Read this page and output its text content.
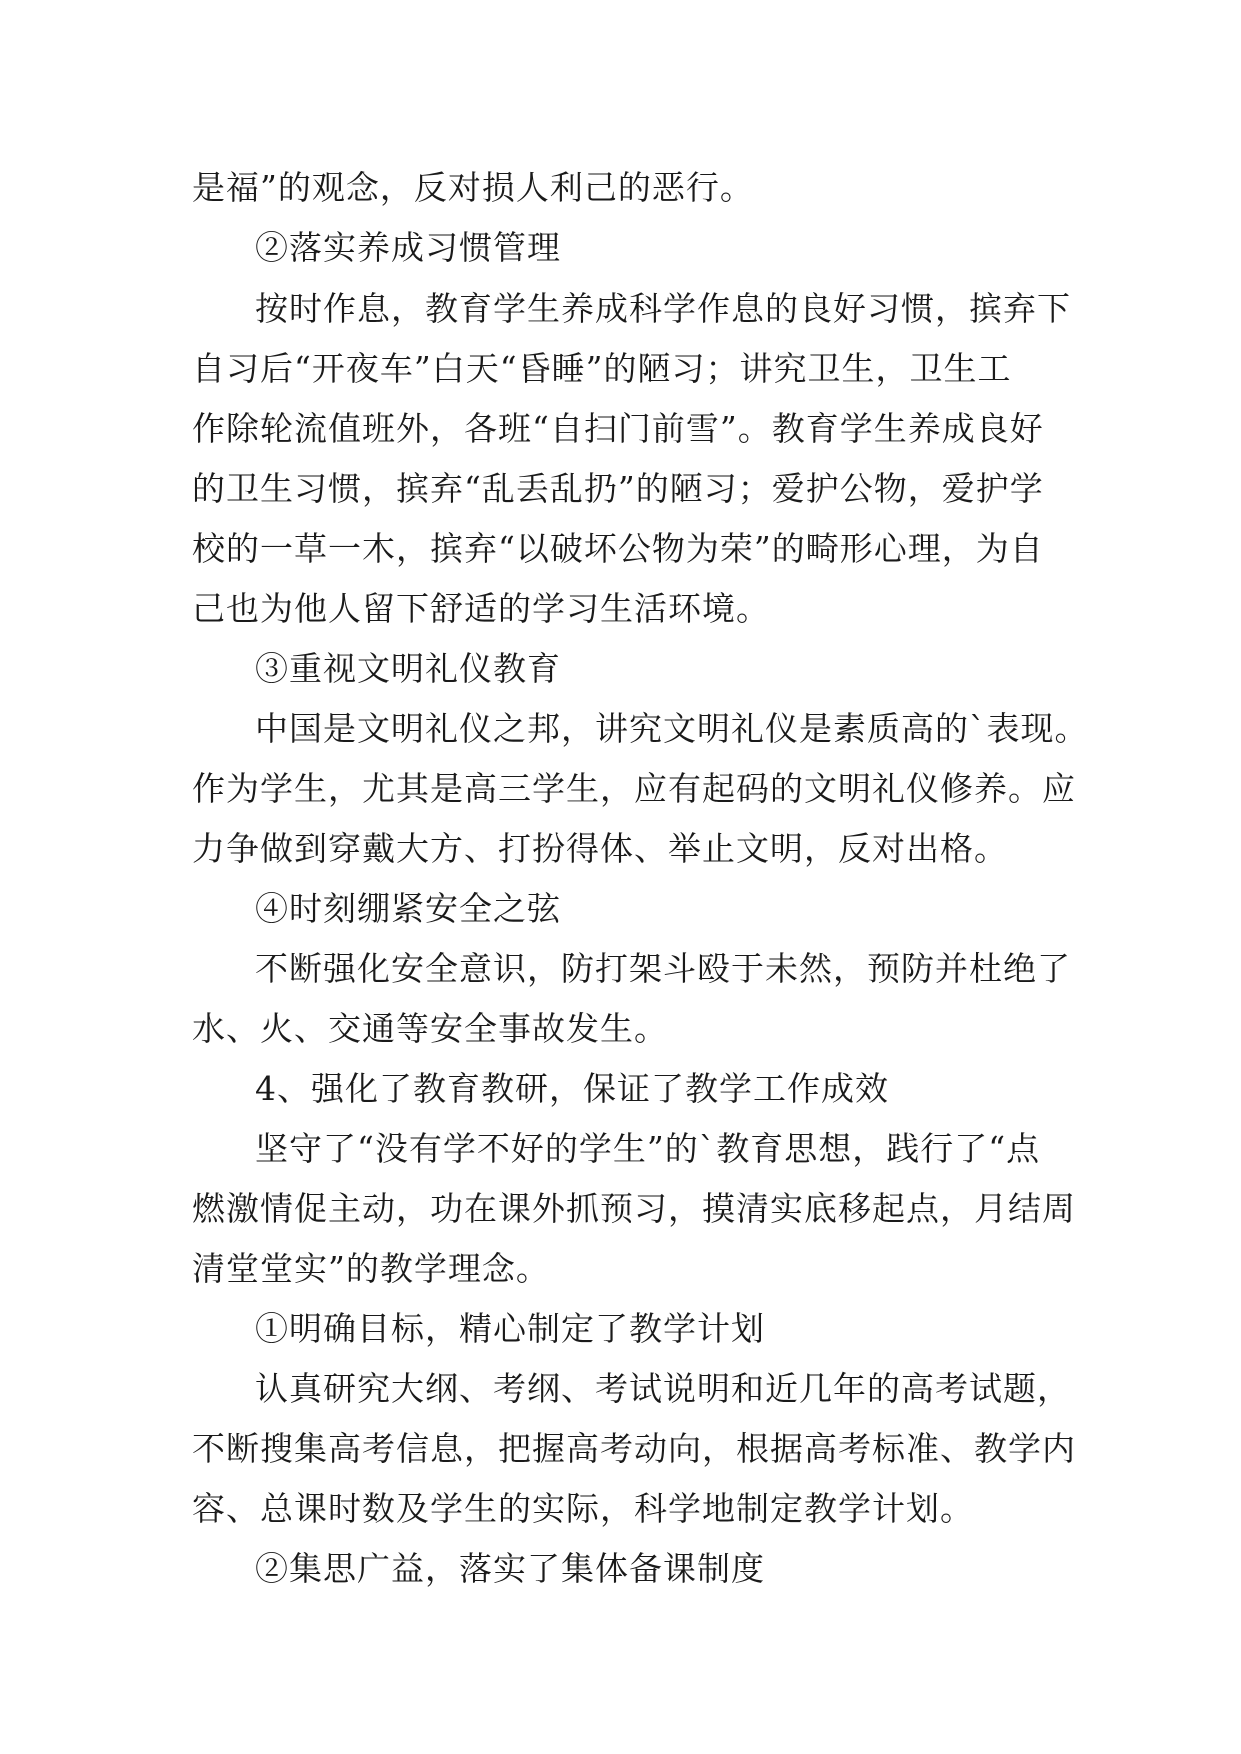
是福”的观念，反对损人利己的恶行。
②落实养成习惯管理
按时作息，教育学生养成科学作息的良好习惯，摈弃下
自习后“开夜车”白天“昏睡”的陋习；讲究卫生，卫生工
作除轮流值班外，各班“自扫门前雪”。教育学生养成良好
的卫生习惯，摈弃“乱丢乱扔”的陋习；爱护公物，爱护学
校的一草一木，摈弃“以破坏公物为荣”的畸形心理，为自
己也为他人留下舒适的学习生活环境。
③重视文明礼仪教育
中国是文明礼仪之邦，讲究文明礼仪是素质高的`表现。
作为学生，尤其是高三学生，应有起码的文明礼仪修养。应
力争做到穿戴大方、打扮得体、举止文明，反对出格。
④时刻绷紧安全之弦
不断强化安全意识，防打架斗殴于未然，预防并杜绝了
水、火、交通等安全事故发生。
4、强化了教育教研，保证了教学工作成效
坚守了“没有学不好的学生”的`教育思想，践行了“点
燃激情促主动，功在课外抓预习，摸清实底移起点，月结周
清堂堂实”的教学理念。
①明确目标，精心制定了教学计划
认真研究大纲、考纲、考试说明和近几年的高考试题，
不断搜集高考信息，把握高考动向，根据高考标准、教学内
容、总课时数及学生的实际，科学地制定教学计划。
②集思广益，落实了集体备课制度
